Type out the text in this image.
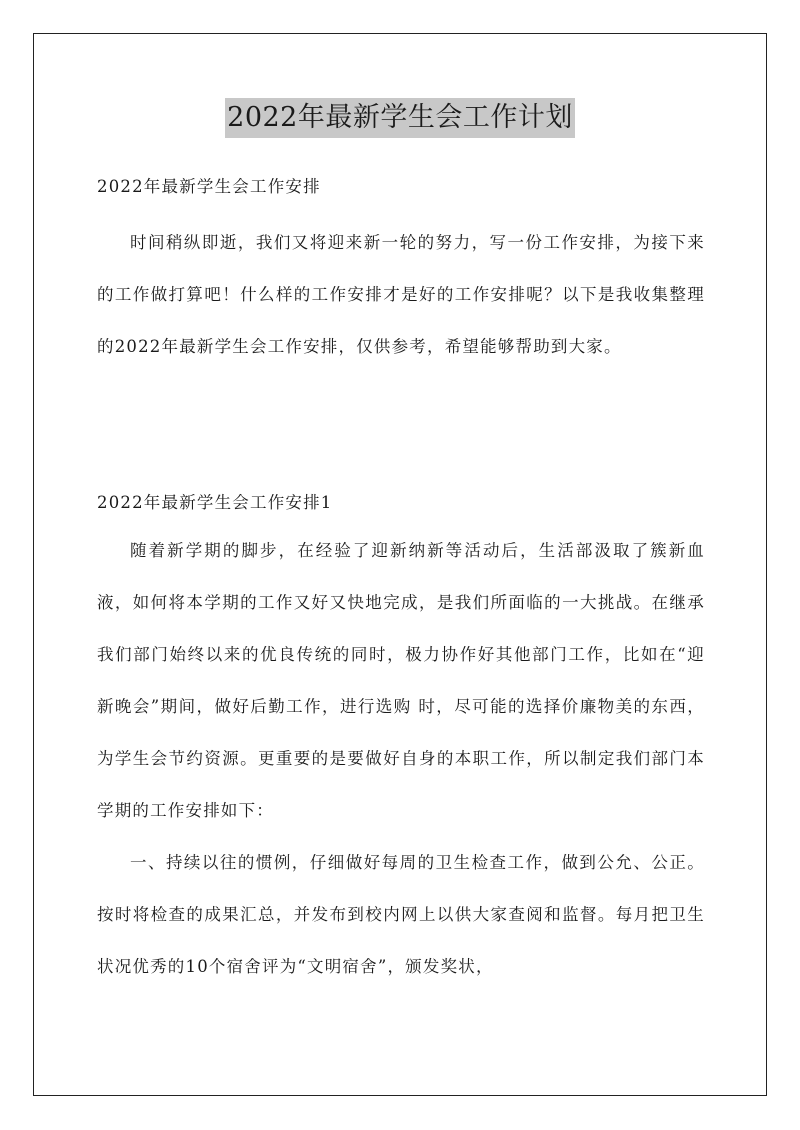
2022年最新学生会工作计划
2022年最新学生会工作安排
时间稍纵即逝，我们又将迎来新一轮的努力，写一份工作安排，为接下来的工作做打算吧！什么样的工作安排才是好的工作安排呢？以下是我收集整理的2022年最新学生会工作安排，仅供参考，希望能够帮助到大家。
2022年最新学生会工作安排1
随着新学期的脚步，在经验了迎新纳新等活动后，生活部汲取了簇新血液，如何将本学期的工作又好又快地完成，是我们所面临的一大挑战。在继承我们部门始终以来的优良传统的同时，极力协作好其他部门工作，比如在“迎新晚会”期间，做好后勤工作，进行选购 时，尽可能的选择价廉物美的东西，为学生会节约资源。更重要的是要做好自身的本职工作，所以制定我们部门本学期的工作安排如下：
一、持续以往的惯例，仔细做好每周的卫生检查工作，做到公允、公正。按时将检查的成果汇总，并发布到校内网上以供大家查阅和监督。每月把卫生状况优秀的10个宿舍评为“文明宿舍”，颁发奖状，
